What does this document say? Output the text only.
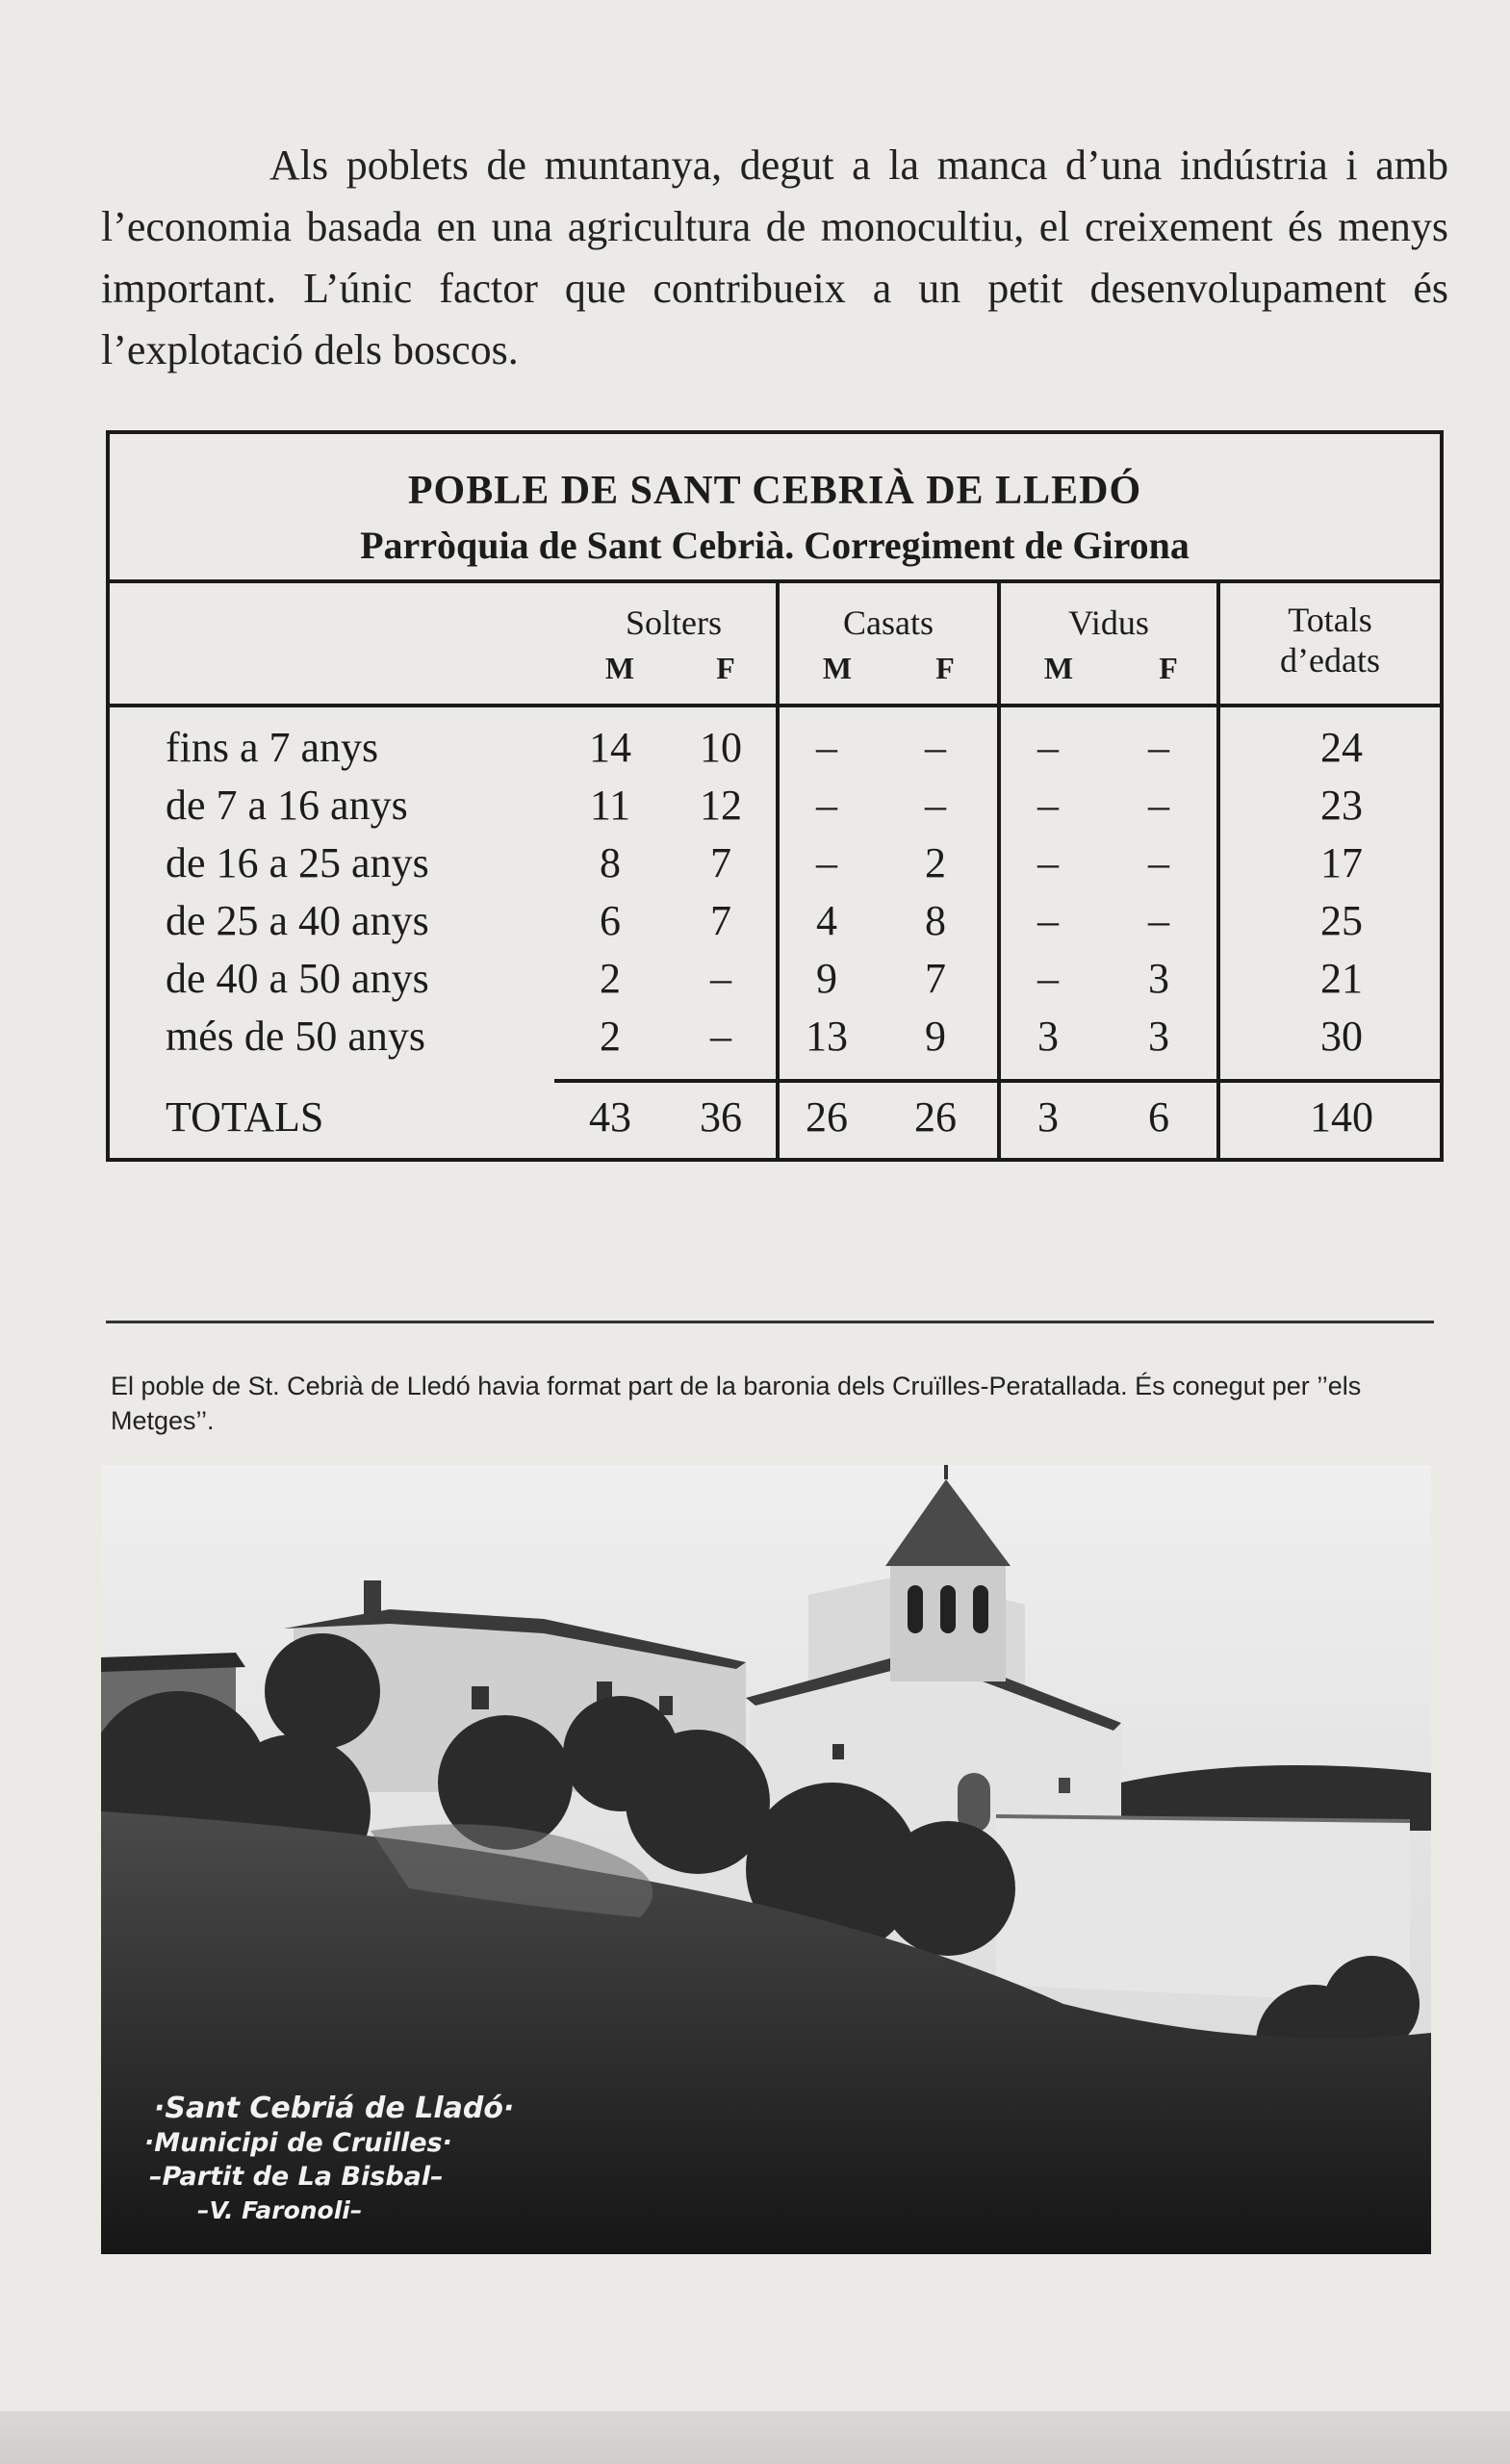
Als poblets de muntanya, degut a la manca d’una indústria i amb l’economia basada en una agricultura de monocultiu, el creixement és menys important. L’únic factor que contribueix a un petit desenvolupament és l’explotació dels boscos.

POBLE DE SANT CEBRIÀ DE LLEDÓ
Parròquia de Sant Cebrià. Corregiment de Girona
Solters	Casats	Vidus	Totals
d’edats
M	F	M	F	M	F
fins a 7 anys	14	10	–	–	–	–	24
de 7 a 16 anys	11	12	–	–	–	–	23
de 16 a 25 anys	8	7	–	2	–	–	17
de 25 a 40 anys	6	7	4	8	–	–	25
de 40 a 50 anys	2	–	9	7	–	3	21
més de 50 anys	2	–	13	9	3	3	30
TOTALS	43	36	26	26	3	6	140
El poble de St. Cebrià de Lledó havia format part de la baronia dels Cruïlles-Peratallada. És conegut per ’’els Metges’’.
·Sant Cebriá de Lladó·
·Municipi de Cruilles·
–Partit de La Bisbal–
–V. Faronoli–
